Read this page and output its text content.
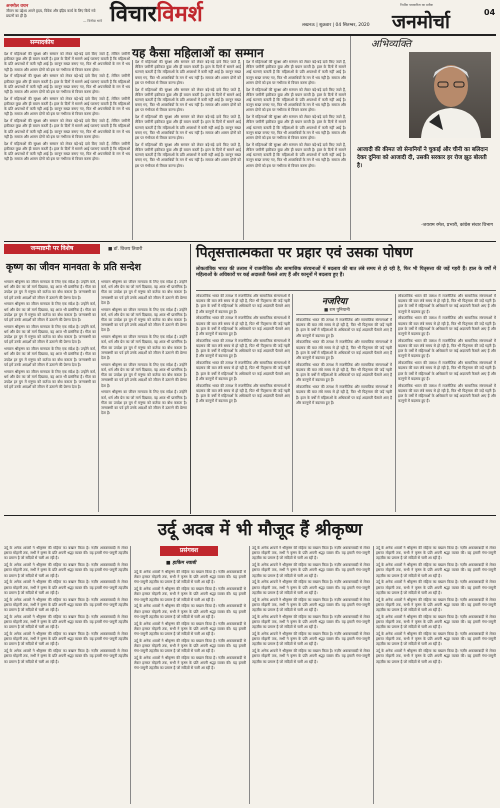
अनमोल वचन
जीवन का उद्देश्य अपने हृदय, विवेक और इंद्रिय कार्य के लिए किये गये प्रयत्नों का ही है।
— विनोबा भावे विचारविमर्श	लखनऊ | शुक्रवार | 04 सितम्बर, 2020 जनमोर्चा
निर्भीक पत्रकारिता का प्रतीक
04
सम्पादकीय
यह कैसा महिलाओं का सम्मान

देश में महिलाओं की सुरक्षा और सम्मान को लेकर बड़े-बड़े दावे किए जाते हैं, लेकिन जमीनी हकीकत कुछ और ही बयान करती है। हाल के दिनों में सामने आई घटनाएं बताती हैं कि महिलाओं के प्रति अपराधों में कमी नहीं आई है। कानून सख्त बनाए गए, फिर भी अपराधियों के मन में भय नहीं है। समाज और शासन दोनों को इस पर गंभीरता से विचार करना होगा।

देश में महिलाओं की सुरक्षा और सम्मान को लेकर बड़े-बड़े दावे किए जाते हैं, लेकिन जमीनी हकीकत कुछ और ही बयान करती है। हाल के दिनों में सामने आई घटनाएं बताती हैं कि महिलाओं के प्रति अपराधों में कमी नहीं आई है। कानून सख्त बनाए गए, फिर भी अपराधियों के मन में भय नहीं है। समाज और शासन दोनों को इस पर गंभीरता से विचार करना होगा।

देश में महिलाओं की सुरक्षा और सम्मान को लेकर बड़े-बड़े दावे किए जाते हैं, लेकिन जमीनी हकीकत कुछ और ही बयान करती है। हाल के दिनों में सामने आई घटनाएं बताती हैं कि महिलाओं के प्रति अपराधों में कमी नहीं आई है। कानून सख्त बनाए गए, फिर भी अपराधियों के मन में भय नहीं है। समाज और शासन दोनों को इस पर गंभीरता से विचार करना होगा।

देश में महिलाओं की सुरक्षा और सम्मान को लेकर बड़े-बड़े दावे किए जाते हैं, लेकिन जमीनी हकीकत कुछ और ही बयान करती है। हाल के दिनों में सामने आई घटनाएं बताती हैं कि महिलाओं के प्रति अपराधों में कमी नहीं आई है। कानून सख्त बनाए गए, फिर भी अपराधियों के मन में भय नहीं है। समाज और शासन दोनों को इस पर गंभीरता से विचार करना होगा।

देश में महिलाओं की सुरक्षा और सम्मान को लेकर बड़े-बड़े दावे किए जाते हैं, लेकिन जमीनी हकीकत कुछ और ही बयान करती है। हाल के दिनों में सामने आई घटनाएं बताती हैं कि महिलाओं के प्रति अपराधों में कमी नहीं आई है। कानून सख्त बनाए गए, फिर भी अपराधियों के मन में भय नहीं है। समाज और शासन दोनों को इस पर गंभीरता से विचार करना होगा।

देश में महिलाओं की सुरक्षा और सम्मान को लेकर बड़े-बड़े दावे किए जाते हैं, लेकिन जमीनी हकीकत कुछ और ही बयान करती है। हाल के दिनों में सामने आई घटनाएं बताती हैं कि महिलाओं के प्रति अपराधों में कमी नहीं आई है। कानून सख्त बनाए गए, फिर भी अपराधियों के मन में भय नहीं है। समाज और शासन दोनों को इस पर गंभीरता से विचार करना होगा।

देश में महिलाओं की सुरक्षा और सम्मान को लेकर बड़े-बड़े दावे किए जाते हैं, लेकिन जमीनी हकीकत कुछ और ही बयान करती है। हाल के दिनों में सामने आई घटनाएं बताती हैं कि महिलाओं के प्रति अपराधों में कमी नहीं आई है। कानून सख्त बनाए गए, फिर भी अपराधियों के मन में भय नहीं है। समाज और शासन दोनों को इस पर गंभीरता से विचार करना होगा।

देश में महिलाओं की सुरक्षा और सम्मान को लेकर बड़े-बड़े दावे किए जाते हैं, लेकिन जमीनी हकीकत कुछ और ही बयान करती है। हाल के दिनों में सामने आई घटनाएं बताती हैं कि महिलाओं के प्रति अपराधों में कमी नहीं आई है। कानून सख्त बनाए गए, फिर भी अपराधियों के मन में भय नहीं है। समाज और शासन दोनों को इस पर गंभीरता से विचार करना होगा।

देश में महिलाओं की सुरक्षा और सम्मान को लेकर बड़े-बड़े दावे किए जाते हैं, लेकिन जमीनी हकीकत कुछ और ही बयान करती है। हाल के दिनों में सामने आई घटनाएं बताती हैं कि महिलाओं के प्रति अपराधों में कमी नहीं आई है। कानून सख्त बनाए गए, फिर भी अपराधियों के मन में भय नहीं है। समाज और शासन दोनों को इस पर गंभीरता से विचार करना होगा।

देश में महिलाओं की सुरक्षा और सम्मान को लेकर बड़े-बड़े दावे किए जाते हैं, लेकिन जमीनी हकीकत कुछ और ही बयान करती है। हाल के दिनों में सामने आई घटनाएं बताती हैं कि महिलाओं के प्रति अपराधों में कमी नहीं आई है। कानून सख्त बनाए गए, फिर भी अपराधियों के मन में भय नहीं है। समाज और शासन दोनों को इस पर गंभीरता से विचार करना होगा।

देश में महिलाओं की सुरक्षा और सम्मान को लेकर बड़े-बड़े दावे किए जाते हैं, लेकिन जमीनी हकीकत कुछ और ही बयान करती है। हाल के दिनों में सामने आई घटनाएं बताती हैं कि महिलाओं के प्रति अपराधों में कमी नहीं आई है। कानून सख्त बनाए गए, फिर भी अपराधियों के मन में भय नहीं है। समाज और शासन दोनों को इस पर गंभीरता से विचार करना होगा।

देश में महिलाओं की सुरक्षा और सम्मान को लेकर बड़े-बड़े दावे किए जाते हैं, लेकिन जमीनी हकीकत कुछ और ही बयान करती है। हाल के दिनों में सामने आई घटनाएं बताती हैं कि महिलाओं के प्रति अपराधों में कमी नहीं आई है। कानून सख्त बनाए गए, फिर भी अपराधियों के मन में भय नहीं है। समाज और शासन दोनों को इस पर गंभीरता से विचार करना होगा।

देश में महिलाओं की सुरक्षा और सम्मान को लेकर बड़े-बड़े दावे किए जाते हैं, लेकिन जमीनी हकीकत कुछ और ही बयान करती है। हाल के दिनों में सामने आई घटनाएं बताती हैं कि महिलाओं के प्रति अपराधों में कमी नहीं आई है। कानून सख्त बनाए गए, फिर भी अपराधियों के मन में भय नहीं है। समाज और शासन दोनों को इस पर गंभीरता से विचार करना होगा।

अभिव्यक्ति
आजादी की कीमत जो सेनानियों ने चुकाई और चीनी का बलिदान देकर दुनिया को आजादी दी, उसकी सरकार हर रोज झूठ बोलती है।
-जयराम रमेश, प्रभारी, कांग्रेस संचार विभाग
जन्माष्टमी पर विशेष	■ डॉ. विजय तिवारी
कृष्ण का जीवन मानवता के प्रति सन्देश

भगवान श्रीकृष्ण का जीवन मानवता के लिए एक संदेश है। उन्होंने कर्म, धर्म और प्रेम का जो मार्ग दिखाया, वह आज भी प्रासंगिक है। गीता का उपदेश हर युग में मनुष्य को कर्तव्य का बोध कराता है। जन्माष्टमी का पर्व हमें उनके आदर्शों को जीवन में उतारने की प्रेरणा देता है।

भगवान श्रीकृष्ण का जीवन मानवता के लिए एक संदेश है। उन्होंने कर्म, धर्म और प्रेम का जो मार्ग दिखाया, वह आज भी प्रासंगिक है। गीता का उपदेश हर युग में मनुष्य को कर्तव्य का बोध कराता है। जन्माष्टमी का पर्व हमें उनके आदर्शों को जीवन में उतारने की प्रेरणा देता है।

भगवान श्रीकृष्ण का जीवन मानवता के लिए एक संदेश है। उन्होंने कर्म, धर्म और प्रेम का जो मार्ग दिखाया, वह आज भी प्रासंगिक है। गीता का उपदेश हर युग में मनुष्य को कर्तव्य का बोध कराता है। जन्माष्टमी का पर्व हमें उनके आदर्शों को जीवन में उतारने की प्रेरणा देता है।

भगवान श्रीकृष्ण का जीवन मानवता के लिए एक संदेश है। उन्होंने कर्म, धर्म और प्रेम का जो मार्ग दिखाया, वह आज भी प्रासंगिक है। गीता का उपदेश हर युग में मनुष्य को कर्तव्य का बोध कराता है। जन्माष्टमी का पर्व हमें उनके आदर्शों को जीवन में उतारने की प्रेरणा देता है।

भगवान श्रीकृष्ण का जीवन मानवता के लिए एक संदेश है। उन्होंने कर्म, धर्म और प्रेम का जो मार्ग दिखाया, वह आज भी प्रासंगिक है। गीता का उपदेश हर युग में मनुष्य को कर्तव्य का बोध कराता है। जन्माष्टमी का पर्व हमें उनके आदर्शों को जीवन में उतारने की प्रेरणा देता है।

भगवान श्रीकृष्ण का जीवन मानवता के लिए एक संदेश है। उन्होंने कर्म, धर्म और प्रेम का जो मार्ग दिखाया, वह आज भी प्रासंगिक है। गीता का उपदेश हर युग में मनुष्य को कर्तव्य का बोध कराता है। जन्माष्टमी का पर्व हमें उनके आदर्शों को जीवन में उतारने की प्रेरणा देता है।

भगवान श्रीकृष्ण का जीवन मानवता के लिए एक संदेश है। उन्होंने कर्म, धर्म और प्रेम का जो मार्ग दिखाया, वह आज भी प्रासंगिक है। गीता का उपदेश हर युग में मनुष्य को कर्तव्य का बोध कराता है। जन्माष्टमी का पर्व हमें उनके आदर्शों को जीवन में उतारने की प्रेरणा देता है।

भगवान श्रीकृष्ण का जीवन मानवता के लिए एक संदेश है। उन्होंने कर्म, धर्म और प्रेम का जो मार्ग दिखाया, वह आज भी प्रासंगिक है। गीता का उपदेश हर युग में मनुष्य को कर्तव्य का बोध कराता है। जन्माष्टमी का पर्व हमें उनके आदर्शों को जीवन में उतारने की प्रेरणा देता है।

भगवान श्रीकृष्ण का जीवन मानवता के लिए एक संदेश है। उन्होंने कर्म, धर्म और प्रेम का जो मार्ग दिखाया, वह आज भी प्रासंगिक है। गीता का उपदेश हर युग में मनुष्य को कर्तव्य का बोध कराता है। जन्माष्टमी का पर्व हमें उनके आदर्शों को जीवन में उतारने की प्रेरणा देता है।

भगवान श्रीकृष्ण का जीवन मानवता के लिए एक संदेश है। उन्होंने कर्म, धर्म और प्रेम का जो मार्ग दिखाया, वह आज भी प्रासंगिक है। गीता का उपदेश हर युग में मनुष्य को कर्तव्य का बोध कराता है। जन्माष्टमी का पर्व हमें उनके आदर्शों को जीवन में उतारने की प्रेरणा देता है।

पितृसत्तात्मकता पर प्रहार एवं उसका पोषण
लोकतांत्रिक भारत की तलाश में राजनीतिक और सामाजिक संरचनाओं में बदलाव की बात लंबे समय से हो रही है, फिर भी पितृसत्ता की जड़ें गहरी हैं। हाल के वर्षों में महिलाओं के अधिकारों पर कई अदालती फैसले आए हैं और कानूनों में बदलाव हुए हैं।

लोकतांत्रिक भारत की तलाश में राजनीतिक और सामाजिक संरचनाओं में बदलाव की बात लंबे समय से हो रही है, फिर भी पितृसत्ता की जड़ें गहरी हैं। हाल के वर्षों में महिलाओं के अधिकारों पर कई अदालती फैसले आए हैं और कानूनों में बदलाव हुए हैं।

लोकतांत्रिक भारत की तलाश में राजनीतिक और सामाजिक संरचनाओं में बदलाव की बात लंबे समय से हो रही है, फिर भी पितृसत्ता की जड़ें गहरी हैं। हाल के वर्षों में महिलाओं के अधिकारों पर कई अदालती फैसले आए हैं और कानूनों में बदलाव हुए हैं।

लोकतांत्रिक भारत की तलाश में राजनीतिक और सामाजिक संरचनाओं में बदलाव की बात लंबे समय से हो रही है, फिर भी पितृसत्ता की जड़ें गहरी हैं। हाल के वर्षों में महिलाओं के अधिकारों पर कई अदालती फैसले आए हैं और कानूनों में बदलाव हुए हैं।

लोकतांत्रिक भारत की तलाश में राजनीतिक और सामाजिक संरचनाओं में बदलाव की बात लंबे समय से हो रही है, फिर भी पितृसत्ता की जड़ें गहरी हैं। हाल के वर्षों में महिलाओं के अधिकारों पर कई अदालती फैसले आए हैं और कानूनों में बदलाव हुए हैं।

लोकतांत्रिक भारत की तलाश में राजनीतिक और सामाजिक संरचनाओं में बदलाव की बात लंबे समय से हो रही है, फिर भी पितृसत्ता की जड़ें गहरी हैं। हाल के वर्षों में महिलाओं के अधिकारों पर कई अदालती फैसले आए हैं और कानूनों में बदलाव हुए हैं।

नजरिया
■ राम पुनियानी

लोकतांत्रिक भारत की तलाश में राजनीतिक और सामाजिक संरचनाओं में बदलाव की बात लंबे समय से हो रही है, फिर भी पितृसत्ता की जड़ें गहरी हैं। हाल के वर्षों में महिलाओं के अधिकारों पर कई अदालती फैसले आए हैं और कानूनों में बदलाव हुए हैं।

लोकतांत्रिक भारत की तलाश में राजनीतिक और सामाजिक संरचनाओं में बदलाव की बात लंबे समय से हो रही है, फिर भी पितृसत्ता की जड़ें गहरी हैं। हाल के वर्षों में महिलाओं के अधिकारों पर कई अदालती फैसले आए हैं और कानूनों में बदलाव हुए हैं।

लोकतांत्रिक भारत की तलाश में राजनीतिक और सामाजिक संरचनाओं में बदलाव की बात लंबे समय से हो रही है, फिर भी पितृसत्ता की जड़ें गहरी हैं। हाल के वर्षों में महिलाओं के अधिकारों पर कई अदालती फैसले आए हैं और कानूनों में बदलाव हुए हैं।

लोकतांत्रिक भारत की तलाश में राजनीतिक और सामाजिक संरचनाओं में बदलाव की बात लंबे समय से हो रही है, फिर भी पितृसत्ता की जड़ें गहरी हैं। हाल के वर्षों में महिलाओं के अधिकारों पर कई अदालती फैसले आए हैं और कानूनों में बदलाव हुए हैं।

लोकतांत्रिक भारत की तलाश में राजनीतिक और सामाजिक संरचनाओं में बदलाव की बात लंबे समय से हो रही है, फिर भी पितृसत्ता की जड़ें गहरी हैं। हाल के वर्षों में महिलाओं के अधिकारों पर कई अदालती फैसले आए हैं और कानूनों में बदलाव हुए हैं।

लोकतांत्रिक भारत की तलाश में राजनीतिक और सामाजिक संरचनाओं में बदलाव की बात लंबे समय से हो रही है, फिर भी पितृसत्ता की जड़ें गहरी हैं। हाल के वर्षों में महिलाओं के अधिकारों पर कई अदालती फैसले आए हैं और कानूनों में बदलाव हुए हैं।

लोकतांत्रिक भारत की तलाश में राजनीतिक और सामाजिक संरचनाओं में बदलाव की बात लंबे समय से हो रही है, फिर भी पितृसत्ता की जड़ें गहरी हैं। हाल के वर्षों में महिलाओं के अधिकारों पर कई अदालती फैसले आए हैं और कानूनों में बदलाव हुए हैं।

लोकतांत्रिक भारत की तलाश में राजनीतिक और सामाजिक संरचनाओं में बदलाव की बात लंबे समय से हो रही है, फिर भी पितृसत्ता की जड़ें गहरी हैं। हाल के वर्षों में महिलाओं के अधिकारों पर कई अदालती फैसले आए हैं और कानूनों में बदलाव हुए हैं।

लोकतांत्रिक भारत की तलाश में राजनीतिक और सामाजिक संरचनाओं में बदलाव की बात लंबे समय से हो रही है, फिर भी पितृसत्ता की जड़ें गहरी हैं। हाल के वर्षों में महिलाओं के अधिकारों पर कई अदालती फैसले आए हैं और कानूनों में बदलाव हुए हैं।

उर्दू अदब में भी मौजूद हैं श्रीकृष्ण

उर्दू के अनेक शायरों ने श्रीकृष्ण की महिमा का बखान किया है। नज़ीर अकबराबादी से लेकर हसरत मोहानी तक, सभी ने कृष्ण के प्रति अपनी श्रद्धा व्यक्त की। यह हमारी गंगा-जमुनी तहज़ीब का प्रमाण है जो सदियों से चली आ रही है।

उर्दू के अनेक शायरों ने श्रीकृष्ण की महिमा का बखान किया है। नज़ीर अकबराबादी से लेकर हसरत मोहानी तक, सभी ने कृष्ण के प्रति अपनी श्रद्धा व्यक्त की। यह हमारी गंगा-जमुनी तहज़ीब का प्रमाण है जो सदियों से चली आ रही है।

उर्दू के अनेक शायरों ने श्रीकृष्ण की महिमा का बखान किया है। नज़ीर अकबराबादी से लेकर हसरत मोहानी तक, सभी ने कृष्ण के प्रति अपनी श्रद्धा व्यक्त की। यह हमारी गंगा-जमुनी तहज़ीब का प्रमाण है जो सदियों से चली आ रही है।

उर्दू के अनेक शायरों ने श्रीकृष्ण की महिमा का बखान किया है। नज़ीर अकबराबादी से लेकर हसरत मोहानी तक, सभी ने कृष्ण के प्रति अपनी श्रद्धा व्यक्त की। यह हमारी गंगा-जमुनी तहज़ीब का प्रमाण है जो सदियों से चली आ रही है।

उर्दू के अनेक शायरों ने श्रीकृष्ण की महिमा का बखान किया है। नज़ीर अकबराबादी से लेकर हसरत मोहानी तक, सभी ने कृष्ण के प्रति अपनी श्रद्धा व्यक्त की। यह हमारी गंगा-जमुनी तहज़ीब का प्रमाण है जो सदियों से चली आ रही है।

उर्दू के अनेक शायरों ने श्रीकृष्ण की महिमा का बखान किया है। नज़ीर अकबराबादी से लेकर हसरत मोहानी तक, सभी ने कृष्ण के प्रति अपनी श्रद्धा व्यक्त की। यह हमारी गंगा-जमुनी तहज़ीब का प्रमाण है जो सदियों से चली आ रही है।

उर्दू के अनेक शायरों ने श्रीकृष्ण की महिमा का बखान किया है। नज़ीर अकबराबादी से लेकर हसरत मोहानी तक, सभी ने कृष्ण के प्रति अपनी श्रद्धा व्यक्त की। यह हमारी गंगा-जमुनी तहज़ीब का प्रमाण है जो सदियों से चली आ रही है।

प्रसंगवश
■ हाकिम नवाबी

उर्दू के अनेक शायरों ने श्रीकृष्ण की महिमा का बखान किया है। नज़ीर अकबराबादी से लेकर हसरत मोहानी तक, सभी ने कृष्ण के प्रति अपनी श्रद्धा व्यक्त की। यह हमारी गंगा-जमुनी तहज़ीब का प्रमाण है जो सदियों से चली आ रही है।

उर्दू के अनेक शायरों ने श्रीकृष्ण की महिमा का बखान किया है। नज़ीर अकबराबादी से लेकर हसरत मोहानी तक, सभी ने कृष्ण के प्रति अपनी श्रद्धा व्यक्त की। यह हमारी गंगा-जमुनी तहज़ीब का प्रमाण है जो सदियों से चली आ रही है।

उर्दू के अनेक शायरों ने श्रीकृष्ण की महिमा का बखान किया है। नज़ीर अकबराबादी से लेकर हसरत मोहानी तक, सभी ने कृष्ण के प्रति अपनी श्रद्धा व्यक्त की। यह हमारी गंगा-जमुनी तहज़ीब का प्रमाण है जो सदियों से चली आ रही है।

उर्दू के अनेक शायरों ने श्रीकृष्ण की महिमा का बखान किया है। नज़ीर अकबराबादी से लेकर हसरत मोहानी तक, सभी ने कृष्ण के प्रति अपनी श्रद्धा व्यक्त की। यह हमारी गंगा-जमुनी तहज़ीब का प्रमाण है जो सदियों से चली आ रही है।

उर्दू के अनेक शायरों ने श्रीकृष्ण की महिमा का बखान किया है। नज़ीर अकबराबादी से लेकर हसरत मोहानी तक, सभी ने कृष्ण के प्रति अपनी श्रद्धा व्यक्त की। यह हमारी गंगा-जमुनी तहज़ीब का प्रमाण है जो सदियों से चली आ रही है।

उर्दू के अनेक शायरों ने श्रीकृष्ण की महिमा का बखान किया है। नज़ीर अकबराबादी से लेकर हसरत मोहानी तक, सभी ने कृष्ण के प्रति अपनी श्रद्धा व्यक्त की। यह हमारी गंगा-जमुनी तहज़ीब का प्रमाण है जो सदियों से चली आ रही है।

उर्दू के अनेक शायरों ने श्रीकृष्ण की महिमा का बखान किया है। नज़ीर अकबराबादी से लेकर हसरत मोहानी तक, सभी ने कृष्ण के प्रति अपनी श्रद्धा व्यक्त की। यह हमारी गंगा-जमुनी तहज़ीब का प्रमाण है जो सदियों से चली आ रही है।

उर्दू के अनेक शायरों ने श्रीकृष्ण की महिमा का बखान किया है। नज़ीर अकबराबादी से लेकर हसरत मोहानी तक, सभी ने कृष्ण के प्रति अपनी श्रद्धा व्यक्त की। यह हमारी गंगा-जमुनी तहज़ीब का प्रमाण है जो सदियों से चली आ रही है।

उर्दू के अनेक शायरों ने श्रीकृष्ण की महिमा का बखान किया है। नज़ीर अकबराबादी से लेकर हसरत मोहानी तक, सभी ने कृष्ण के प्रति अपनी श्रद्धा व्यक्त की। यह हमारी गंगा-जमुनी तहज़ीब का प्रमाण है जो सदियों से चली आ रही है।

उर्दू के अनेक शायरों ने श्रीकृष्ण की महिमा का बखान किया है। नज़ीर अकबराबादी से लेकर हसरत मोहानी तक, सभी ने कृष्ण के प्रति अपनी श्रद्धा व्यक्त की। यह हमारी गंगा-जमुनी तहज़ीब का प्रमाण है जो सदियों से चली आ रही है।

उर्दू के अनेक शायरों ने श्रीकृष्ण की महिमा का बखान किया है। नज़ीर अकबराबादी से लेकर हसरत मोहानी तक, सभी ने कृष्ण के प्रति अपनी श्रद्धा व्यक्त की। यह हमारी गंगा-जमुनी तहज़ीब का प्रमाण है जो सदियों से चली आ रही है।

उर्दू के अनेक शायरों ने श्रीकृष्ण की महिमा का बखान किया है। नज़ीर अकबराबादी से लेकर हसरत मोहानी तक, सभी ने कृष्ण के प्रति अपनी श्रद्धा व्यक्त की। यह हमारी गंगा-जमुनी तहज़ीब का प्रमाण है जो सदियों से चली आ रही है।

उर्दू के अनेक शायरों ने श्रीकृष्ण की महिमा का बखान किया है। नज़ीर अकबराबादी से लेकर हसरत मोहानी तक, सभी ने कृष्ण के प्रति अपनी श्रद्धा व्यक्त की। यह हमारी गंगा-जमुनी तहज़ीब का प्रमाण है जो सदियों से चली आ रही है।

उर्दू के अनेक शायरों ने श्रीकृष्ण की महिमा का बखान किया है। नज़ीर अकबराबादी से लेकर हसरत मोहानी तक, सभी ने कृष्ण के प्रति अपनी श्रद्धा व्यक्त की। यह हमारी गंगा-जमुनी तहज़ीब का प्रमाण है जो सदियों से चली आ रही है।

उर्दू के अनेक शायरों ने श्रीकृष्ण की महिमा का बखान किया है। नज़ीर अकबराबादी से लेकर हसरत मोहानी तक, सभी ने कृष्ण के प्रति अपनी श्रद्धा व्यक्त की। यह हमारी गंगा-जमुनी तहज़ीब का प्रमाण है जो सदियों से चली आ रही है।

उर्दू के अनेक शायरों ने श्रीकृष्ण की महिमा का बखान किया है। नज़ीर अकबराबादी से लेकर हसरत मोहानी तक, सभी ने कृष्ण के प्रति अपनी श्रद्धा व्यक्त की। यह हमारी गंगा-जमुनी तहज़ीब का प्रमाण है जो सदियों से चली आ रही है।

उर्दू के अनेक शायरों ने श्रीकृष्ण की महिमा का बखान किया है। नज़ीर अकबराबादी से लेकर हसरत मोहानी तक, सभी ने कृष्ण के प्रति अपनी श्रद्धा व्यक्त की। यह हमारी गंगा-जमुनी तहज़ीब का प्रमाण है जो सदियों से चली आ रही है।

उर्दू के अनेक शायरों ने श्रीकृष्ण की महिमा का बखान किया है। नज़ीर अकबराबादी से लेकर हसरत मोहानी तक, सभी ने कृष्ण के प्रति अपनी श्रद्धा व्यक्त की। यह हमारी गंगा-जमुनी तहज़ीब का प्रमाण है जो सदियों से चली आ रही है।

उर्दू के अनेक शायरों ने श्रीकृष्ण की महिमा का बखान किया है। नज़ीर अकबराबादी से लेकर हसरत मोहानी तक, सभी ने कृष्ण के प्रति अपनी श्रद्धा व्यक्त की। यह हमारी गंगा-जमुनी तहज़ीब का प्रमाण है जो सदियों से चली आ रही है।

उर्दू के अनेक शायरों ने श्रीकृष्ण की महिमा का बखान किया है। नज़ीर अकबराबादी से लेकर हसरत मोहानी तक, सभी ने कृष्ण के प्रति अपनी श्रद्धा व्यक्त की। यह हमारी गंगा-जमुनी तहज़ीब का प्रमाण है जो सदियों से चली आ रही है।
